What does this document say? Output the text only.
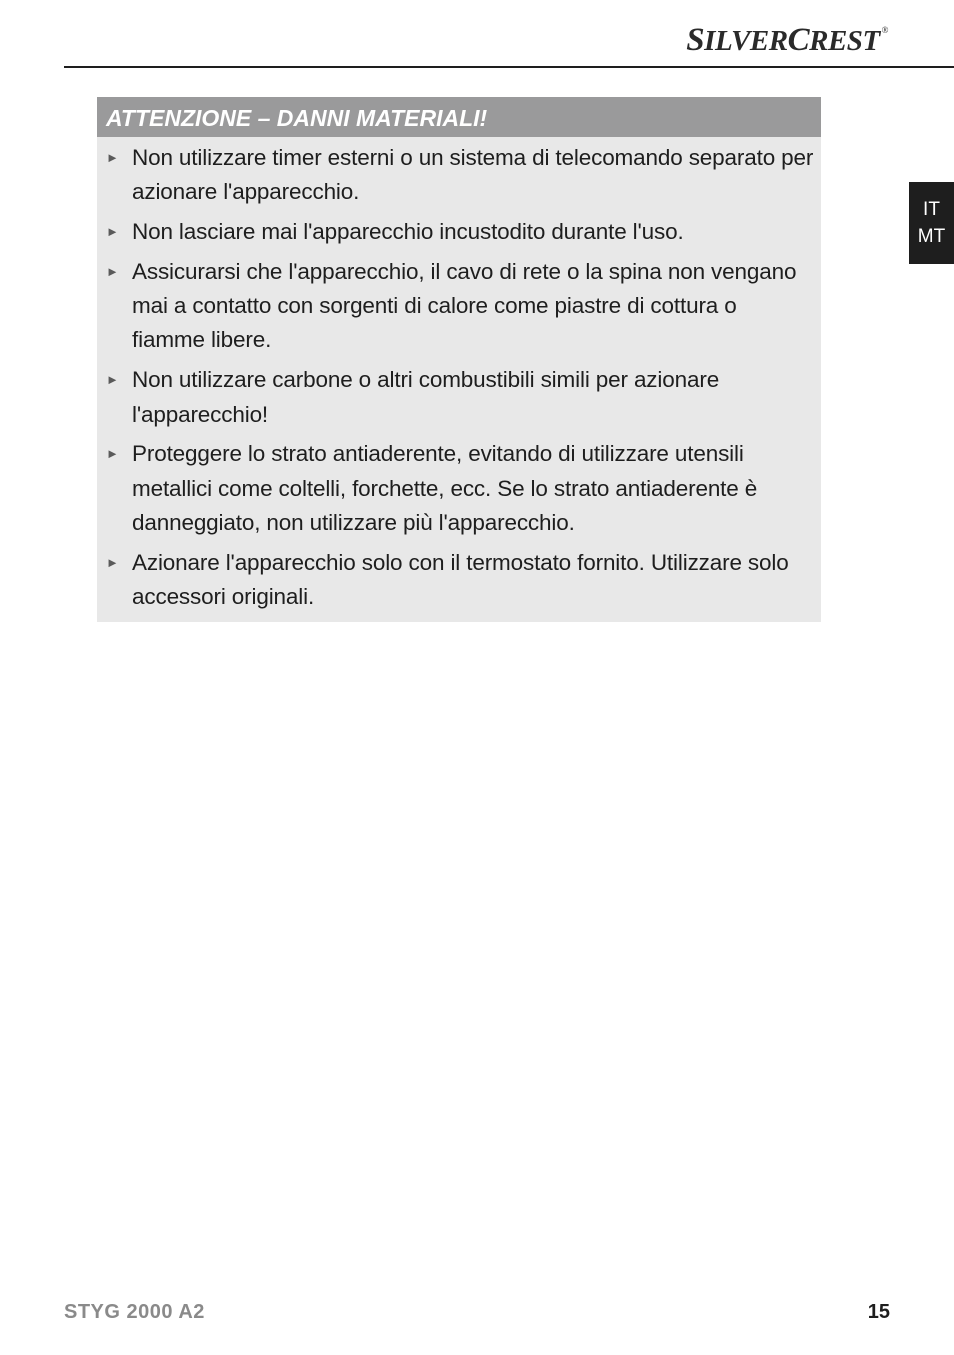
SILVERCREST ®
IT
MT
ATTENZIONE – DANNI MATERIALI!
► Non utilizzare timer esterni o un sistema di telecomando separato per azionare l'apparecchio.
► Non lasciare mai l'apparecchio incustodito durante l'uso.
► Assicurarsi che l'apparecchio, il cavo di rete o la spina non vengano mai a contatto con sorgenti di calore come piastre di cottura o fiamme libere.
► Non utilizzare carbone o altri combustibili simili per azionare l'apparecchio!
► Proteggere lo strato antiaderente, evitando di utilizzare utensili metallici come coltelli, forchette, ecc. Se lo strato antiaderente è danneggiato, non utilizzare più l'apparecchio.
► Azionare l'apparecchio solo con il termostato fornito. Utilizzare solo accessori originali.
STYG 2000 A2	15
